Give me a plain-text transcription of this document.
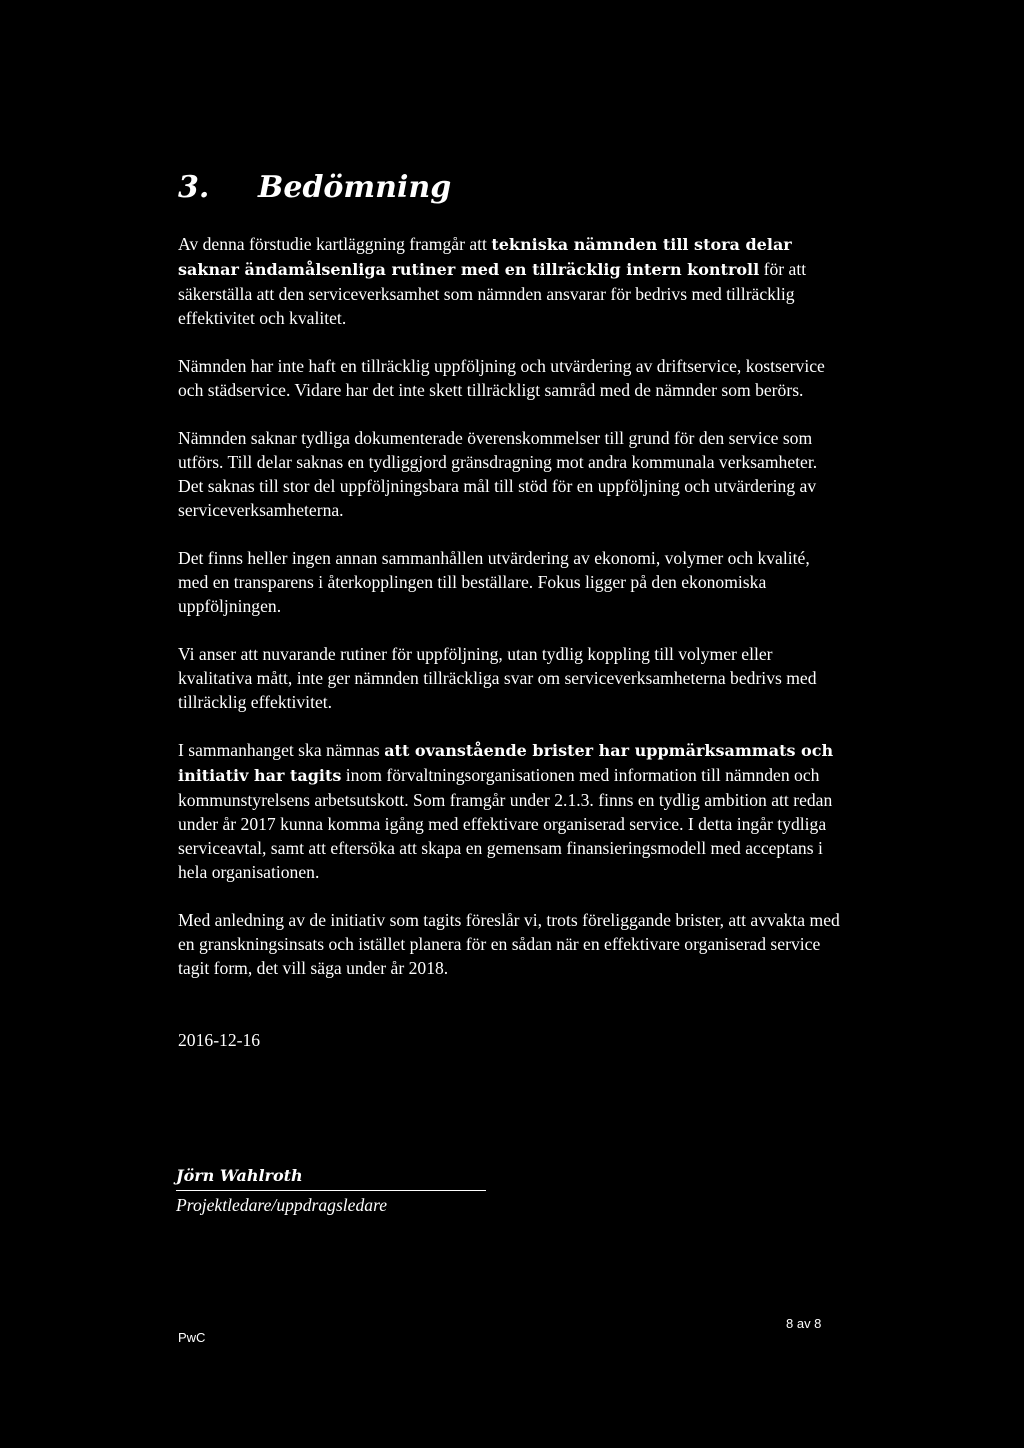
3. Bedömning

Av denna förstudie kartläggning framgår att tekniska nämnden till stora delar saknar ändamålsenliga rutiner med en tillräcklig intern kontroll för att säkerställa att den serviceverksamhet som nämnden ansvarar för bedrivs med tillräcklig effektivitet och kvalitet.

Nämnden har inte haft en tillräcklig uppföljning och utvärdering av driftservice, kostservice och städservice. Vidare har det inte skett tillräckligt samråd med de nämnder som berörs.

Nämnden saknar tydliga dokumenterade överenskommelser till grund för den service som utförs. Till delar saknas en tydliggjord gränsdragning mot andra kommunala verksamheter. Det saknas till stor del uppföljningsbara mål till stöd för en uppföljning och utvärdering av serviceverksamheterna.

Det finns heller ingen annan sammanhållen utvärdering av ekonomi, volymer och kvalité, med en transparens i återkopplingen till beställare. Fokus ligger på den ekonomiska uppföljningen.

Vi anser att nuvarande rutiner för uppföljning, utan tydlig koppling till volymer eller kvalitativa mått, inte ger nämnden tillräckliga svar om serviceverksamheterna bedrivs med tillräcklig effektivitet.

I sammanhanget ska nämnas att ovanstående brister har uppmärksammats och initiativ har tagits inom förvaltningsorganisationen med information till nämnden och kommunstyrelsens arbetsutskott. Som framgår under 2.1.3. finns en tydlig ambition att redan under år 2017 kunna komma igång med effektivare organiserad service. I detta ingår tydliga serviceavtal, samt att eftersöka att skapa en gemensam finansieringsmodell med acceptans i hela organisationen.

Med anledning av de initiativ som tagits föreslår vi, trots föreliggande brister, att avvakta med en granskningsinsats och istället planera för en sådan när en effektivare organiserad service tagit form, det vill säga under år 2018.

2016-12-16
Jörn Wahlroth
Projektledare/uppdragsledare
PwC
8 av 8
